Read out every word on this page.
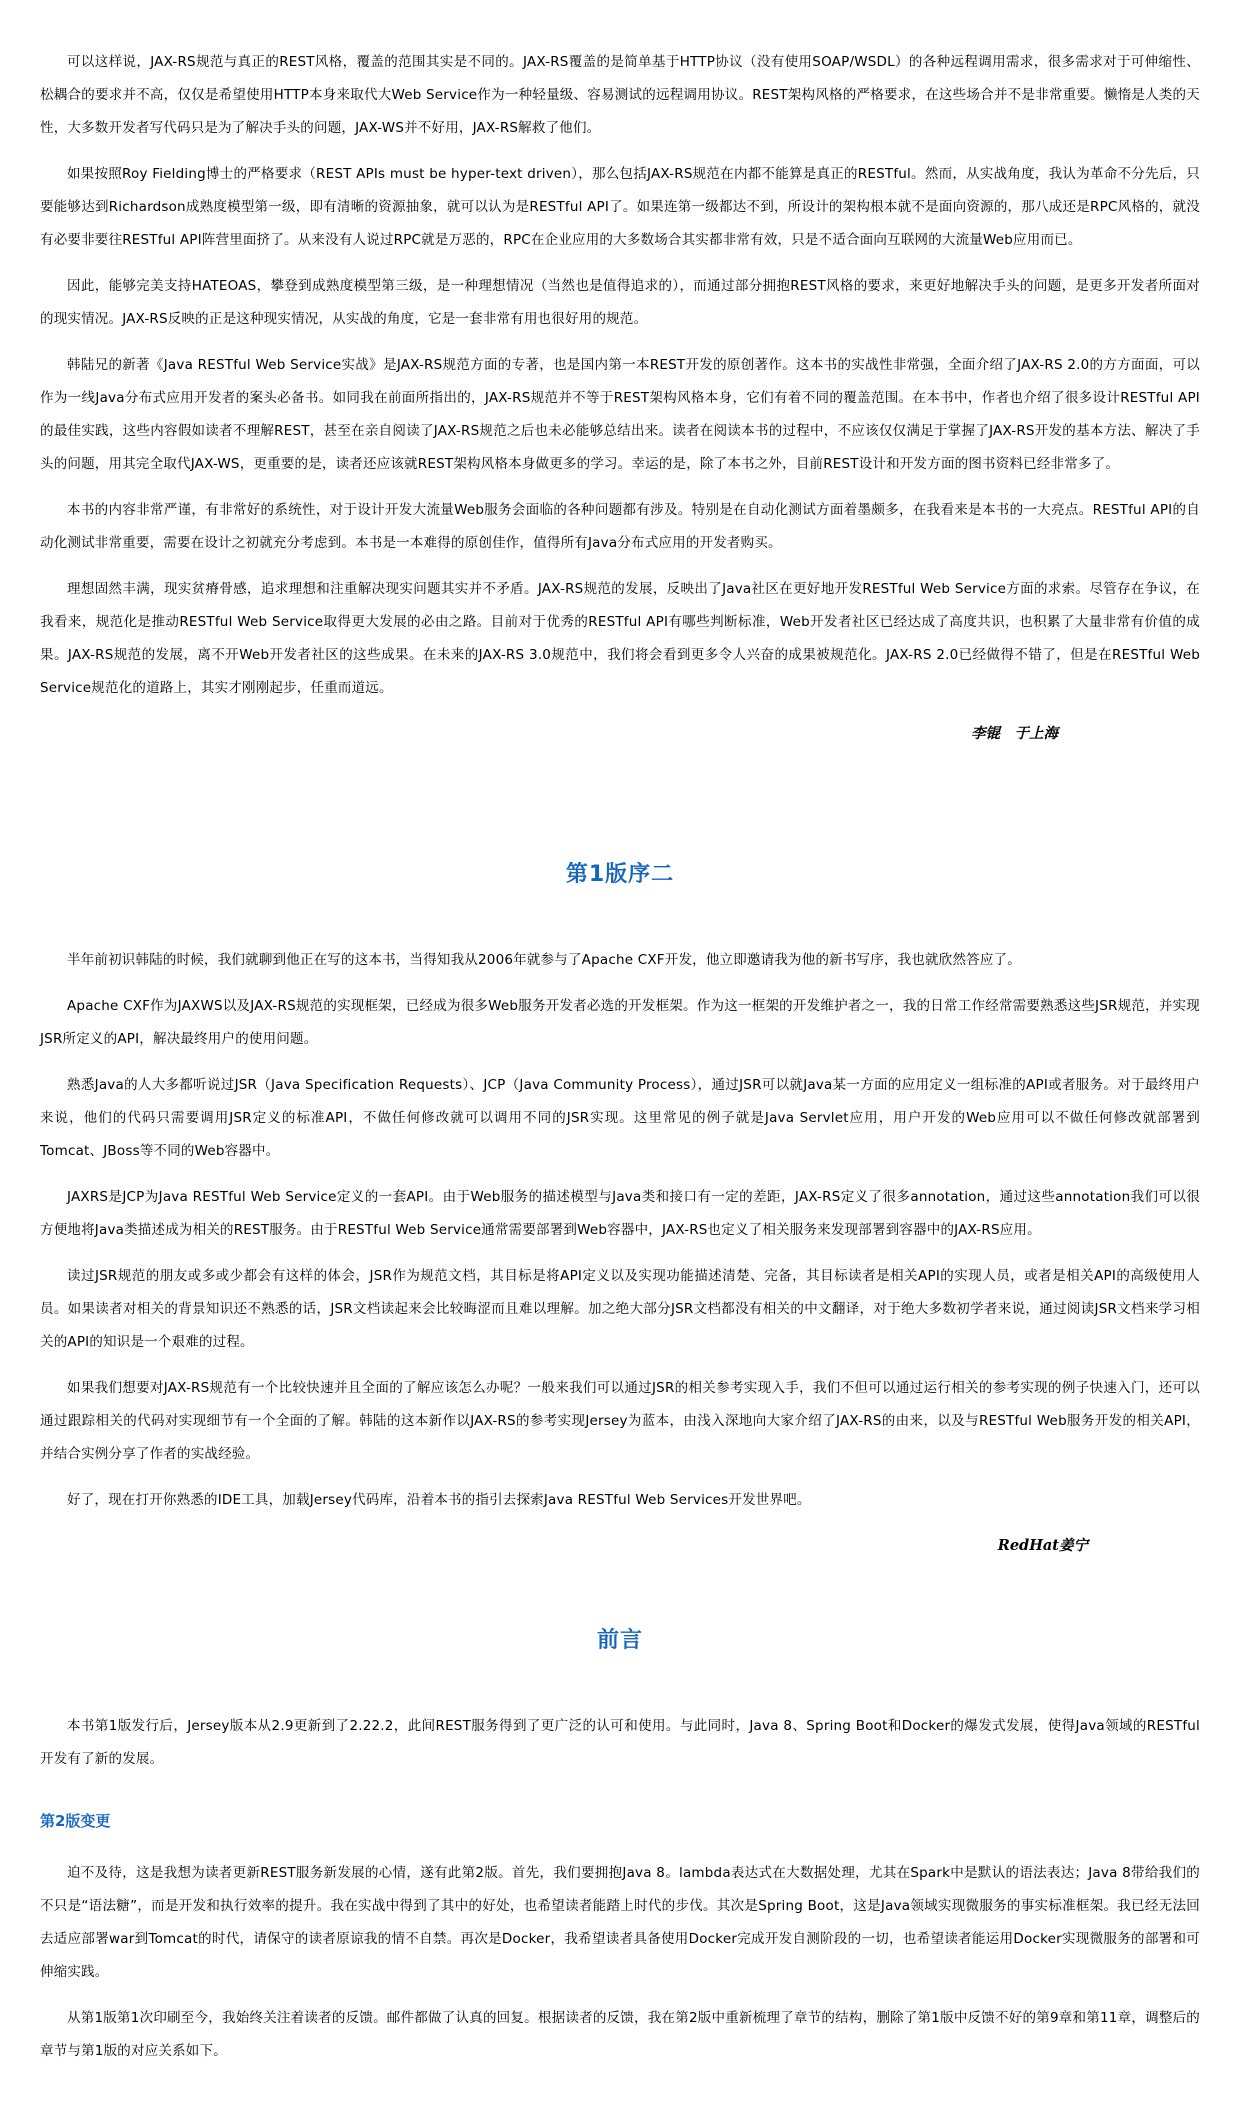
可以这样说，JAX-RS规范与真正的REST风格，覆盖的范围其实是不同的。JAX-RS覆盖的是简单基于HTTP协议（没有使用SOAP/WSDL）的各种远程调用需求，很多需求对于可伸缩性、松耦合的要求并不高，仅仅是希望使用HTTP本身来取代大Web Service作为一种轻量级、容易测试的远程调用协议。REST架构风格的严格要求，在这些场合并不是非常重要。懒惰是人类的天性，大多数开发者写代码只是为了解决手头的问题，JAX-WS并不好用，JAX-RS解救了他们。

如果按照Roy Fielding博士的严格要求（REST APIs must be hyper-text driven），那么包括JAX-RS规范在内都不能算是真正的RESTful。然而，从实战角度，我认为革命不分先后，只要能够达到Richardson成熟度模型第一级，即有清晰的资源抽象，就可以认为是RESTful API了。如果连第一级都达不到，所设计的架构根本就不是面向资源的，那八成还是RPC风格的，就没有必要非要往RESTful API阵营里面挤了。从来没有人说过RPC就是万恶的，RPC在企业应用的大多数场合其实都非常有效，只是不适合面向互联网的大流量Web应用而已。

因此，能够完美支持HATEOAS，攀登到成熟度模型第三级，是一种理想情况（当然也是值得追求的），而通过部分拥抱REST风格的要求，来更好地解决手头的问题，是更多开发者所面对的现实情况。JAX-RS反映的正是这种现实情况，从实战的角度，它是一套非常有用也很好用的规范。

韩陆兄的新著《Java RESTful Web Service实战》是JAX-RS规范方面的专著，也是国内第一本REST开发的原创著作。这本书的实战性非常强，全面介绍了JAX-RS 2.0的方方面面，可以作为一线Java分布式应用开发者的案头必备书。如同我在前面所指出的，JAX-RS规范并不等于REST架构风格本身，它们有着不同的覆盖范围。在本书中，作者也介绍了很多设计RESTful API的最佳实践，这些内容假如读者不理解REST，甚至在亲自阅读了JAX-RS规范之后也未必能够总结出来。读者在阅读本书的过程中，不应该仅仅满足于掌握了JAX-RS开发的基本方法、解决了手头的问题，用其完全取代JAX-WS，更重要的是，读者还应该就REST架构风格本身做更多的学习。幸运的是，除了本书之外，目前REST设计和开发方面的图书资料已经非常多了。

本书的内容非常严谨，有非常好的系统性，对于设计开发大流量Web服务会面临的各种问题都有涉及。特别是在自动化测试方面着墨颇多，在我看来是本书的一大亮点。RESTful API的自动化测试非常重要，需要在设计之初就充分考虑到。本书是一本难得的原创佳作，值得所有Java分布式应用的开发者购买。

理想固然丰满，现实贫瘠骨感，追求理想和注重解决现实问题其实并不矛盾。JAX-RS规范的发展，反映出了Java社区在更好地开发RESTful Web Service方面的求索。尽管存在争议，在我看来，规范化是推动RESTful Web Service取得更大发展的必由之路。目前对于优秀的RESTful API有哪些判断标准，Web开发者社区已经达成了高度共识，也积累了大量非常有价值的成果。JAX-RS规范的发展，离不开Web开发者社区的这些成果。在未来的JAX-RS 3.0规范中，我们将会看到更多令人兴奋的成果被规范化。JAX-RS 2.0已经做得不错了，但是在RESTful Web Service规范化的道路上，其实才刚刚起步，任重而道远。

李锟　于上海

第1版序二

半年前初识韩陆的时候，我们就聊到他正在写的这本书，当得知我从2006年就参与了Apache CXF开发，他立即邀请我为他的新书写序，我也就欣然答应了。

Apache CXF作为JAXWS以及JAX-RS规范的实现框架，已经成为很多Web服务开发者必选的开发框架。作为这一框架的开发维护者之一，我的日常工作经常需要熟悉这些JSR规范，并实现JSR所定义的API，解决最终用户的使用问题。

熟悉Java的人大多都听说过JSR（Java Specification Requests）、JCP（Java Community Process），通过JSR可以就Java某一方面的应用定义一组标准的API或者服务。对于最终用户来说，他们的代码只需要调用JSR定义的标准API，不做任何修改就可以调用不同的JSR实现。这里常见的例子就是Java Servlet应用，用户开发的Web应用可以不做任何修改就部署到Tomcat、JBoss等不同的Web容器中。

JAXRS是JCP为Java RESTful Web Service定义的一套API。由于Web服务的描述模型与Java类和接口有一定的差距，JAX-RS定义了很多annotation，通过这些annotation我们可以很方便地将Java类描述成为相关的REST服务。由于RESTful Web Service通常需要部署到Web容器中，JAX-RS也定义了相关服务来发现部署到容器中的JAX-RS应用。

读过JSR规范的朋友或多或少都会有这样的体会，JSR作为规范文档，其目标是将API定义以及实现功能描述清楚、完备，其目标读者是相关API的实现人员，或者是相关API的高级使用人员。如果读者对相关的背景知识还不熟悉的话，JSR文档读起来会比较晦涩而且难以理解。加之绝大部分JSR文档都没有相关的中文翻译，对于绝大多数初学者来说，通过阅读JSR文档来学习相关的API的知识是一个艰难的过程。

如果我们想要对JAX-RS规范有一个比较快速并且全面的了解应该怎么办呢？一般来我们可以通过JSR的相关参考实现入手，我们不但可以通过运行相关的参考实现的例子快速入门，还可以通过跟踪相关的代码对实现细节有一个全面的了解。韩陆的这本新作以JAX-RS的参考实现Jersey为蓝本，由浅入深地向大家介绍了JAX-RS的由来，以及与RESTful Web服务开发的相关API，并结合实例分享了作者的实战经验。

好了，现在打开你熟悉的IDE工具，加载Jersey代码库，沿着本书的指引去探索Java RESTful Web Services开发世界吧。

RedHat姜宁

前言

本书第1版发行后，Jersey版本从2.9更新到了2.22.2，此间REST服务得到了更广泛的认可和使用。与此同时，Java 8、Spring Boot和Docker的爆发式发展，使得Java领域的RESTful开发有了新的发展。

第2版变更

迫不及待，这是我想为读者更新REST服务新发展的心情，遂有此第2版。首先，我们要拥抱Java 8。lambda表达式在大数据处理，尤其在Spark中是默认的语法表达；Java 8带给我们的不只是“语法糖”，而是开发和执行效率的提升。我在实战中得到了其中的好处，也希望读者能踏上时代的步伐。其次是Spring Boot，这是Java领域实现微服务的事实标准框架。我已经无法回去适应部署war到Tomcat的时代，请保守的读者原谅我的情不自禁。再次是Docker，我希望读者具备使用Docker完成开发自测阶段的一切，也希望读者能运用Docker实现微服务的部署和可伸缩实践。

从第1版第1次印刷至今，我始终关注着读者的反馈。邮件都做了认真的回复。根据读者的反馈，我在第2版中重新梳理了章节的结构，删除了第1版中反馈不好的第9章和第11章，调整后的章节与第1版的对应关系如下。
